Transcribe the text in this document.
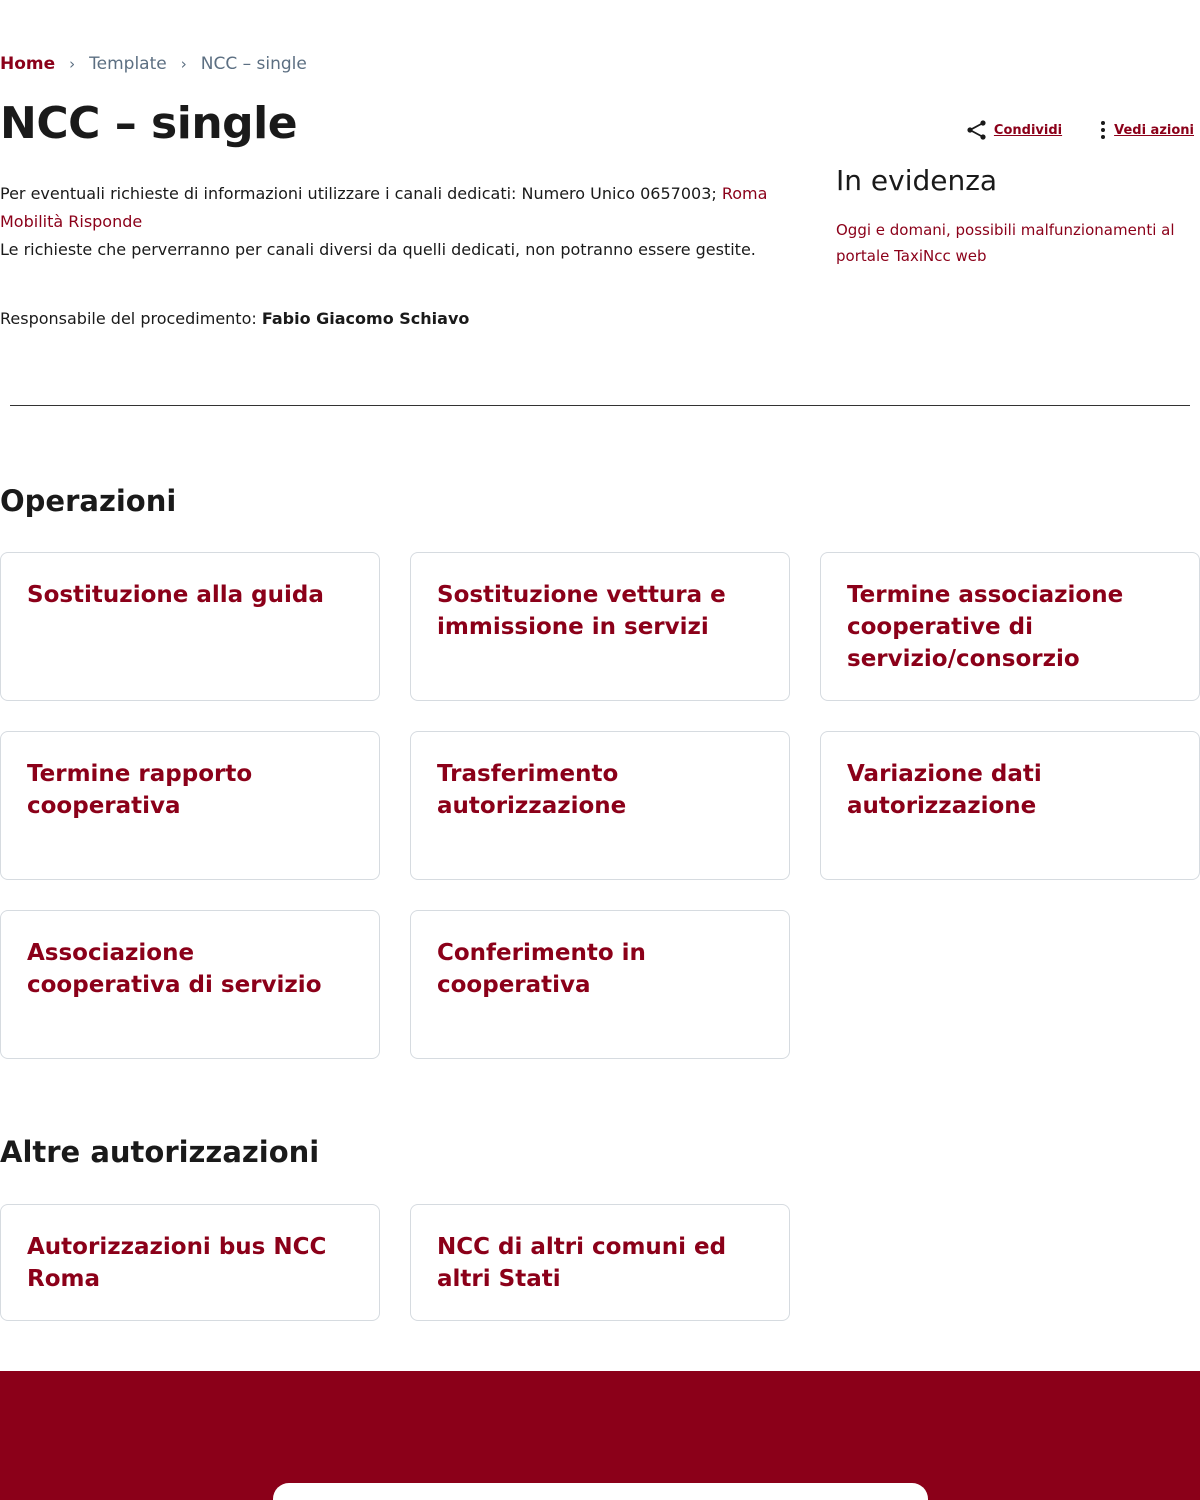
Home › Template › NCC – single
NCC – single	Condividi	Vedi azioni
Per eventuali richieste di informazioni utilizzare i canali dedicati: Numero Unico 0657003; Roma Mobilità Risponde
Le richieste che perverranno per canali diversi da quelli dedicati, non potranno essere gestite.
Responsabile del procedimento: Fabio Giacomo Schiavo
In evidenza
Oggi e domani, possibili malfunzionamenti al portale TaxiNcc web
Operazioni
Sostituzione alla guida	Sostituzione vettura e immissione in servizi
Termine associazione cooperative di servizio/consorzio
Termine rapporto cooperativa
Trasferimento autorizzazione
Variazione dati autorizzazione
Associazione cooperativa di servizio
Conferimento in cooperativa
Altre autorizzazioni
Autorizzazioni bus NCC Roma
NCC di altri comuni ed altri Stati
